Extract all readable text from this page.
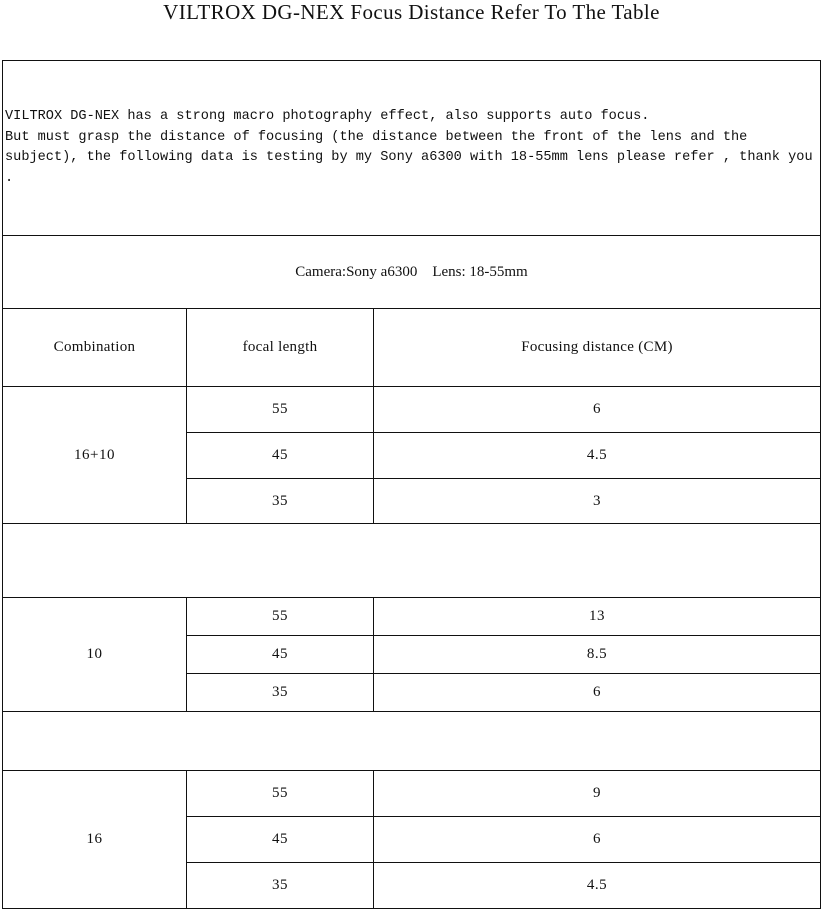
VILTROX DG-NEX Focus Distance Refer To The Table
VILTROX DG-NEX has a strong macro photography effect, also supports auto focus.
But must grasp the distance of focusing (the distance between the front of the lens and the subject), the following data is testing by my Sony a6300 with 18-55mm lens please refer , thank you .		

Camera:Sony a6300    Lens: 18-55mm		
Combination	focal length	Focusing distance (CM)
16+10	55	6
	45	4.5
	35	3

10	55	13
	45	8.5
	35	6

16	55	9
	45	6
	35	4.5
